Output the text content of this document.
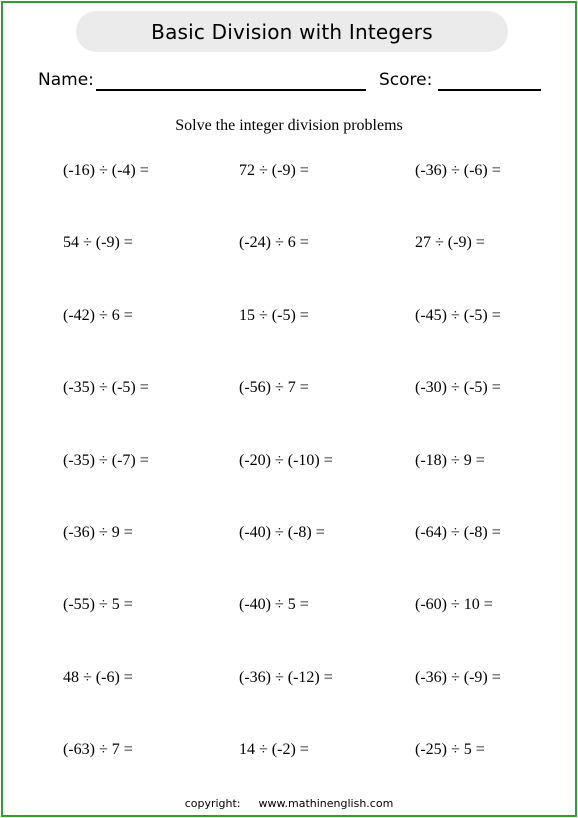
Basic Division with Integers
Name:	Score:
Solve the integer division problems
(-16) ÷ (-4) =	72 ÷ (-9) =	(-36) ÷ (-6) =
54 ÷ (-9) =	(-24) ÷ 6 =	27 ÷ (-9) =
(-42) ÷ 6 =	15 ÷ (-5) =	(-45) ÷ (-5) =
(-35) ÷ (-5) =	(-56) ÷ 7 =	(-30) ÷ (-5) =
(-35) ÷ (-7) =	(-20) ÷ (-10) =	(-18) ÷ 9 =
(-36) ÷ 9 =	(-40) ÷ (-8) =	(-64) ÷ (-8) =
(-55) ÷ 5 =	(-40) ÷ 5 =	(-60) ÷ 10 =
48 ÷ (-6) =	(-36) ÷ (-12) =	(-36) ÷ (-9) =
(-63) ÷ 7 =	14 ÷ (-2) =	(-25) ÷ 5 =
copyright: www.mathinenglish.com
